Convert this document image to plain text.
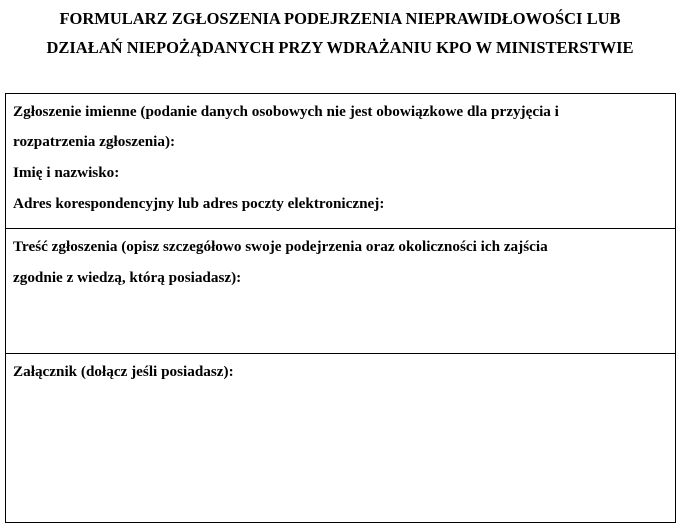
FORMULARZ ZGŁOSZENIA PODEJRZENIA NIEPRAWIDŁOWOŚCI LUB
DZIAŁAŃ NIEPOŻĄDANYCH PRZY WDRAŻANIU KPO W MINISTERSTWIE
Zgłoszenie imienne (podanie danych osobowych nie jest obowiązkowe dla przyjęcia i
rozpatrzenia zgłoszenia):
Imię i nazwisko:
Adres korespondencyjny lub adres poczty elektronicznej:
Treść zgłoszenia (opisz szczegółowo swoje podejrzenia oraz okoliczności ich zajścia
zgodnie z wiedzą, którą posiadasz):
Załącznik (dołącz jeśli posiadasz):
